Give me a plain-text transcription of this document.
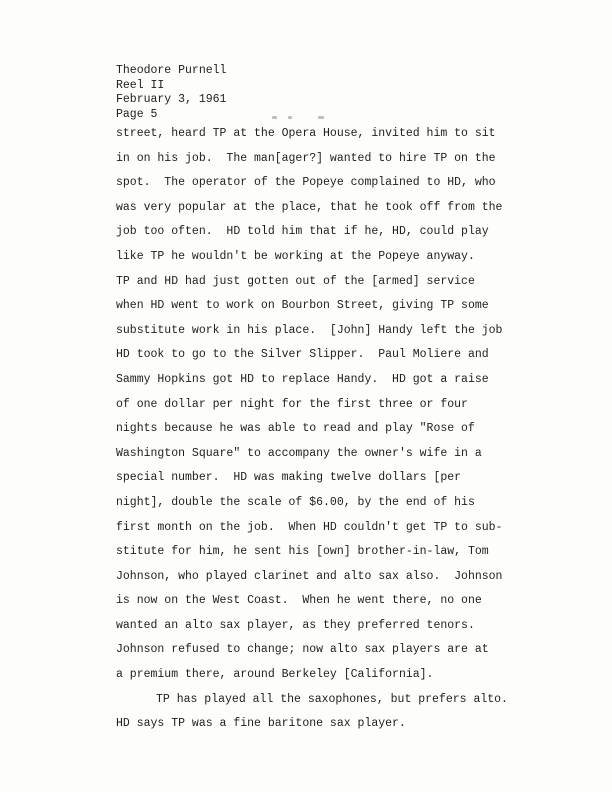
Theodore Purnell
Reel II
February 3, 1961
Page 5
street, heard TP at the Opera House, invited him to sit
in on his job.  The man[ager?] wanted to hire TP on the
spot.  The operator of the Popeye complained to HD, who
was very popular at the place, that he took off from the
job too often.  HD told him that if he, HD, could play
like TP he wouldn't be working at the Popeye anyway.
TP and HD had just gotten out of the [armed] service
when HD went to work on Bourbon Street, giving TP some
substitute work in his place.  [John] Handy left the job
HD took to go to the Silver Slipper.  Paul Moliere and
Sammy Hopkins got HD to replace Handy.  HD got a raise
of one dollar per night for the first three or four
nights because he was able to read and play "Rose of
Washington Square" to accompany the owner's wife in a
special number.  HD was making twelve dollars [per
night], double the scale of $6.00, by the end of his
first month on the job.  When HD couldn't get TP to sub-
stitute for him, he sent his [own] brother-in-law, Tom
Johnson, who played clarinet and alto sax also.  Johnson
is now on the West Coast.  When he went there, no one
wanted an alto sax player, as they preferred tenors.
Johnson refused to change; now alto sax players are at
a premium there, around Berkeley [California].
TP has played all the saxophones, but prefers alto.
HD says TP was a fine baritone sax player.
